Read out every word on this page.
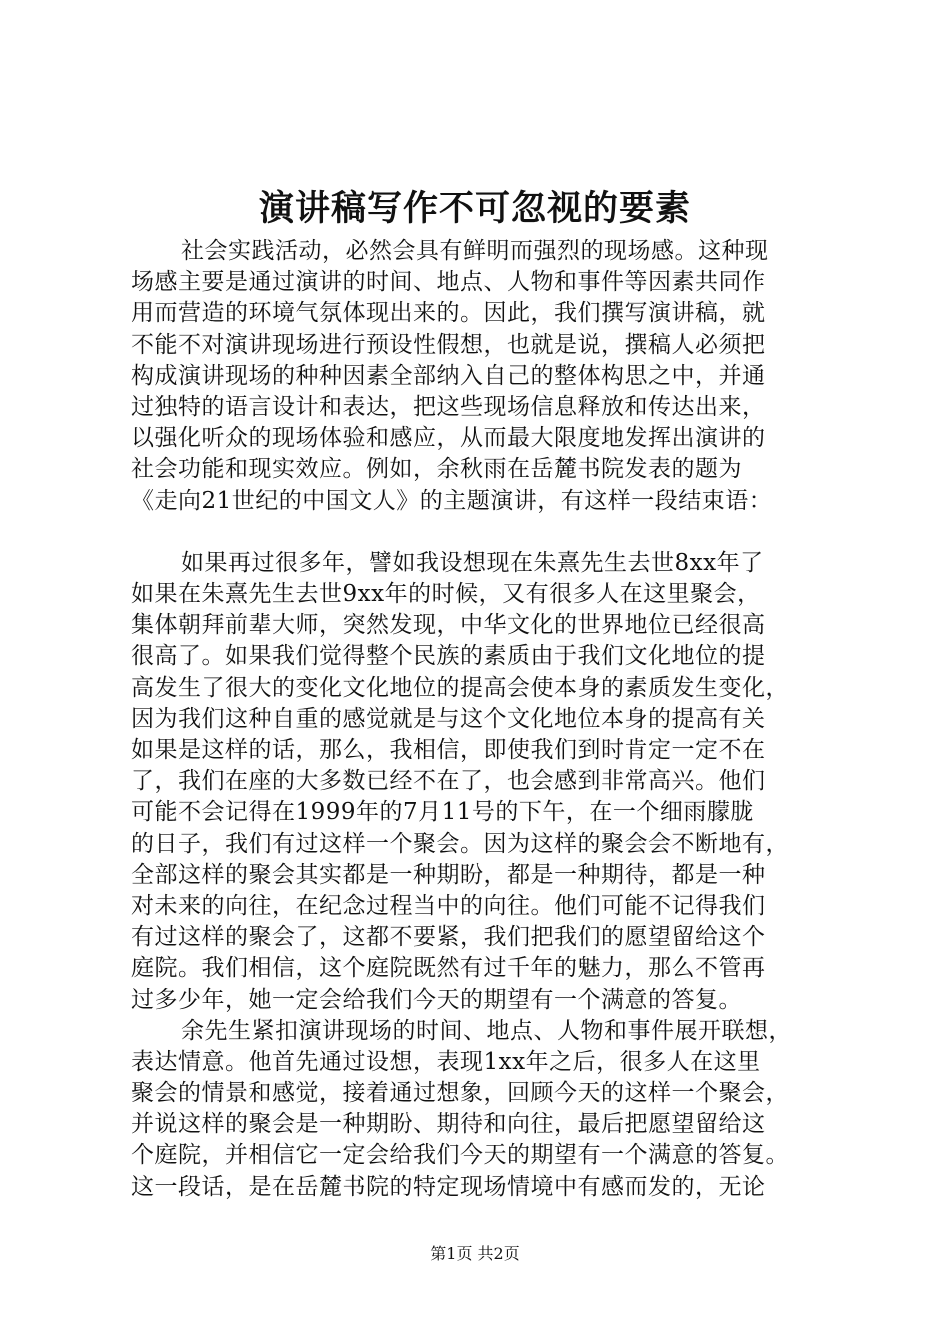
演讲稿写作不可忽视的要素
社会实践活动，必然会具有鲜明而强烈的现场感。这种现
场感主要是通过演讲的时间、地点、人物和事件等因素共同作
用而营造的环境气氛体现出来的。因此，我们撰写演讲稿，就
不能不对演讲现场进行预设性假想，也就是说，撰稿人必须把
构成演讲现场的种种因素全部纳入自己的整体构思之中，并通
过独特的语言设计和表达，把这些现场信息释放和传达出来，
以强化听众的现场体验和感应，从而最大限度地发挥出演讲的
社会功能和现实效应。例如，余秋雨在岳麓书院发表的题为
《走向21世纪的中国文人》的主题演讲，有这样一段结束语：
如果再过很多年，譬如我设想现在朱熹先生去世8xx年了
如果在朱熹先生去世9xx年的时候，又有很多人在这里聚会，
集体朝拜前辈大师，突然发现，中华文化的世界地位已经很高
很高了。如果我们觉得整个民族的素质由于我们文化地位的提
高发生了很大的变化文化地位的提高会使本身的素质发生变化，
因为我们这种自重的感觉就是与这个文化地位本身的提高有关
如果是这样的话，那么，我相信，即使我们到时肯定一定不在
了，我们在座的大多数已经不在了，也会感到非常高兴。他们
可能不会记得在1999年的7月11号的下午，在一个细雨朦胧
的日子，我们有过这样一个聚会。因为这样的聚会会不断地有，
全部这样的聚会其实都是一种期盼，都是一种期待，都是一种
对未来的向往，在纪念过程当中的向往。他们可能不记得我们
有过这样的聚会了，这都不要紧，我们把我们的愿望留给这个
庭院。我们相信，这个庭院既然有过千年的魅力，那么不管再
过多少年，她一定会给我们今天的期望有一个满意的答复。
余先生紧扣演讲现场的时间、地点、人物和事件展开联想，
表达情意。他首先通过设想，表现1xx年之后，很多人在这里
聚会的情景和感觉，接着通过想象，回顾今天的这样一个聚会，
并说这样的聚会是一种期盼、期待和向往，最后把愿望留给这
个庭院，并相信它一定会给我们今天的期望有一个满意的答复。
这一段话，是在岳麓书院的特定现场情境中有感而发的，无论
第1页 共2页
